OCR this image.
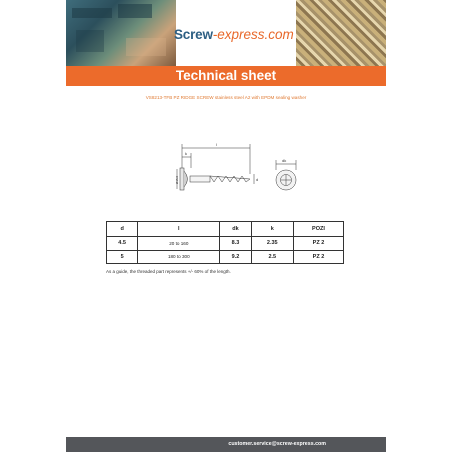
Screw-express.com
Technical sheet
VS8213-TFB PZ RIDGE SCREW stainless steel A2 with EPDM sealing washer
l
k
dk
d
Ø15.0
d	l	dk	k	POZI
4.5	20 to 160	8.3	2.35	PZ 2
5	180 to 300	9.2	2.5	PZ 2
As a guide, the threaded part represents +/- 60% of the length.
customer.service@screw-express.com
